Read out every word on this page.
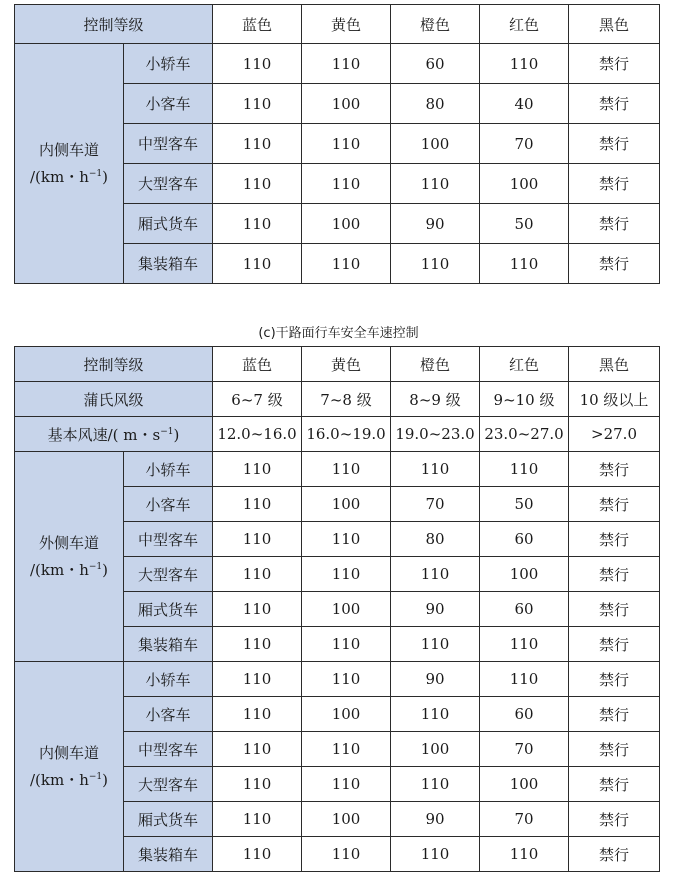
控制等级		蓝色	黄色	橙色	红色	黑色
内侧车道
/(km・$h^{-1}$)	小轿车	110	110	60	110	禁行
	小客车	110	100	80	40	禁行
	中型客车	110	110	100	70	禁行
	大型客车	110	110	110	100	禁行
	厢式货车	110	100	90	50	禁行
	集装箱车	110	110	110	110	禁行
(c)干路面行车安全车速控制
控制等级		蓝色	黄色	橙色	红色	黑色
蒲氏风级		6~7 级	7~8 级	8~9 级	9~10 级	10 级以上
基本风速/( m・$s^{-1}$)		12.0~16.0	16.0~19.0	19.0~23.0	23.0~27.0	>27.0
外侧车道
/(km・$h^{-1}$)	小轿车	110	110	110	110	禁行
	小客车	110	100	70	50	禁行
	中型客车	110	110	80	60	禁行
	大型客车	110	110	110	100	禁行
	厢式货车	110	100	90	60	禁行
	集装箱车	110	110	110	110	禁行
内侧车道
/(km・$h^{-1}$)	小轿车	110	110	90	110	禁行
	小客车	110	100	110	60	禁行
	中型客车	110	110	100	70	禁行
	大型客车	110	110	110	100	禁行
	厢式货车	110	100	90	70	禁行
	集装箱车	110	110	110	110	禁行
